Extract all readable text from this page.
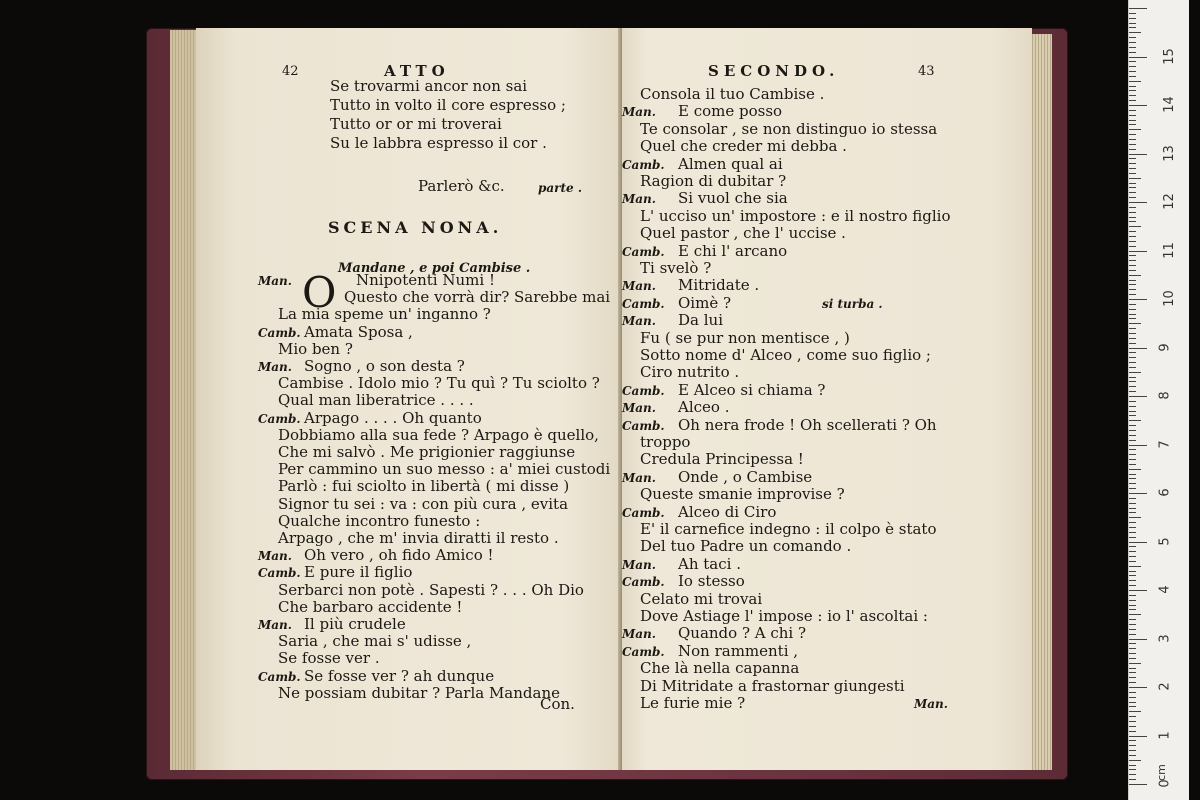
42	ATTO
Se trovarmi ancor non sai
Tutto in volto il core espresso ;
Tutto or or mi troverai
Su le labbra espresso il cor .
Parlerò &c.	parte .
SCENA NONA.
Mandane , e poi Cambise .
O
Man.	Nnipotenti Numi !
Questo che vorrà dir? Sarebbe mai
La mia speme un' inganno ?
Camb. Amata Sposa ,
Mio ben ?
Man. Sogno , o son desta ?
Cambise . Idolo mio ? Tu quì ? Tu sciolto ?
Qual man liberatrice . . . .
Camb. Arpago . . . . Oh quanto
Dobbiamo alla sua fede ? Arpago è quello,
Che mi salvò . Me prigionier raggiunse
Per cammino un suo messo : a' miei custodi
Parlò : fui sciolto in libertà ( mi disse )
Signor tu sei : va : con più cura , evita
Qualche incontro funesto :
Arpago , che m' invia diratti il resto .
Man. Oh vero , oh fido Amico !
Camb. E pure il figlio
Serbarci non potè . Sapesti ? . . . Oh Dio
Che barbaro accidente !
Man. Il più crudele
Saria , che mai s' udisse ,
Se fosse ver .
Camb. Se fosse ver ? ah dunque
Ne possiam dubitar ? Parla Mandane
Con.
SECONDO.	43
Consola il tuo Cambise .
Man. E come posso
Te consolar , se non distinguo io stessa
Quel che creder mi debba .
Camb. Almen qual ai
Ragion di dubitar ?
Man. Si vuol che sia
L' ucciso un' impostore : e il nostro figlio
Quel pastor , che l' uccise .
Camb. E chi l' arcano
Ti svelò ?
Man. Mitridate .
Camb. Oimè ?	si turba .
Man. Da lui
Fu ( se pur non mentisce , )
Sotto nome d' Alceo , come suo figlio ;
Ciro nutrito .
Camb. E Alceo si chiama ?
Man. Alceo .
Camb. Oh nera frode ! Oh scellerati ? Oh
troppo
Credula Principessa !
Man. Onde , o Cambise
Queste smanie improvise ?
Camb. Alceo di Ciro
E' il carnefice indegno : il colpo è stato
Del tuo Padre un comando .
Man. Ah taci .
Camb. Io stesso
Celato mi trovai
Dove Astiage l' impose : io l' ascoltai :
Man. Quando ? A chi ?
Camb. Non rammenti ,
Che là nella capanna
Di Mitridate a frastornar giungesti
Le furie mie ?	Man.
cm
0
1
2
3
4
5
6
7
8
9
10
11
12
13
14
15
